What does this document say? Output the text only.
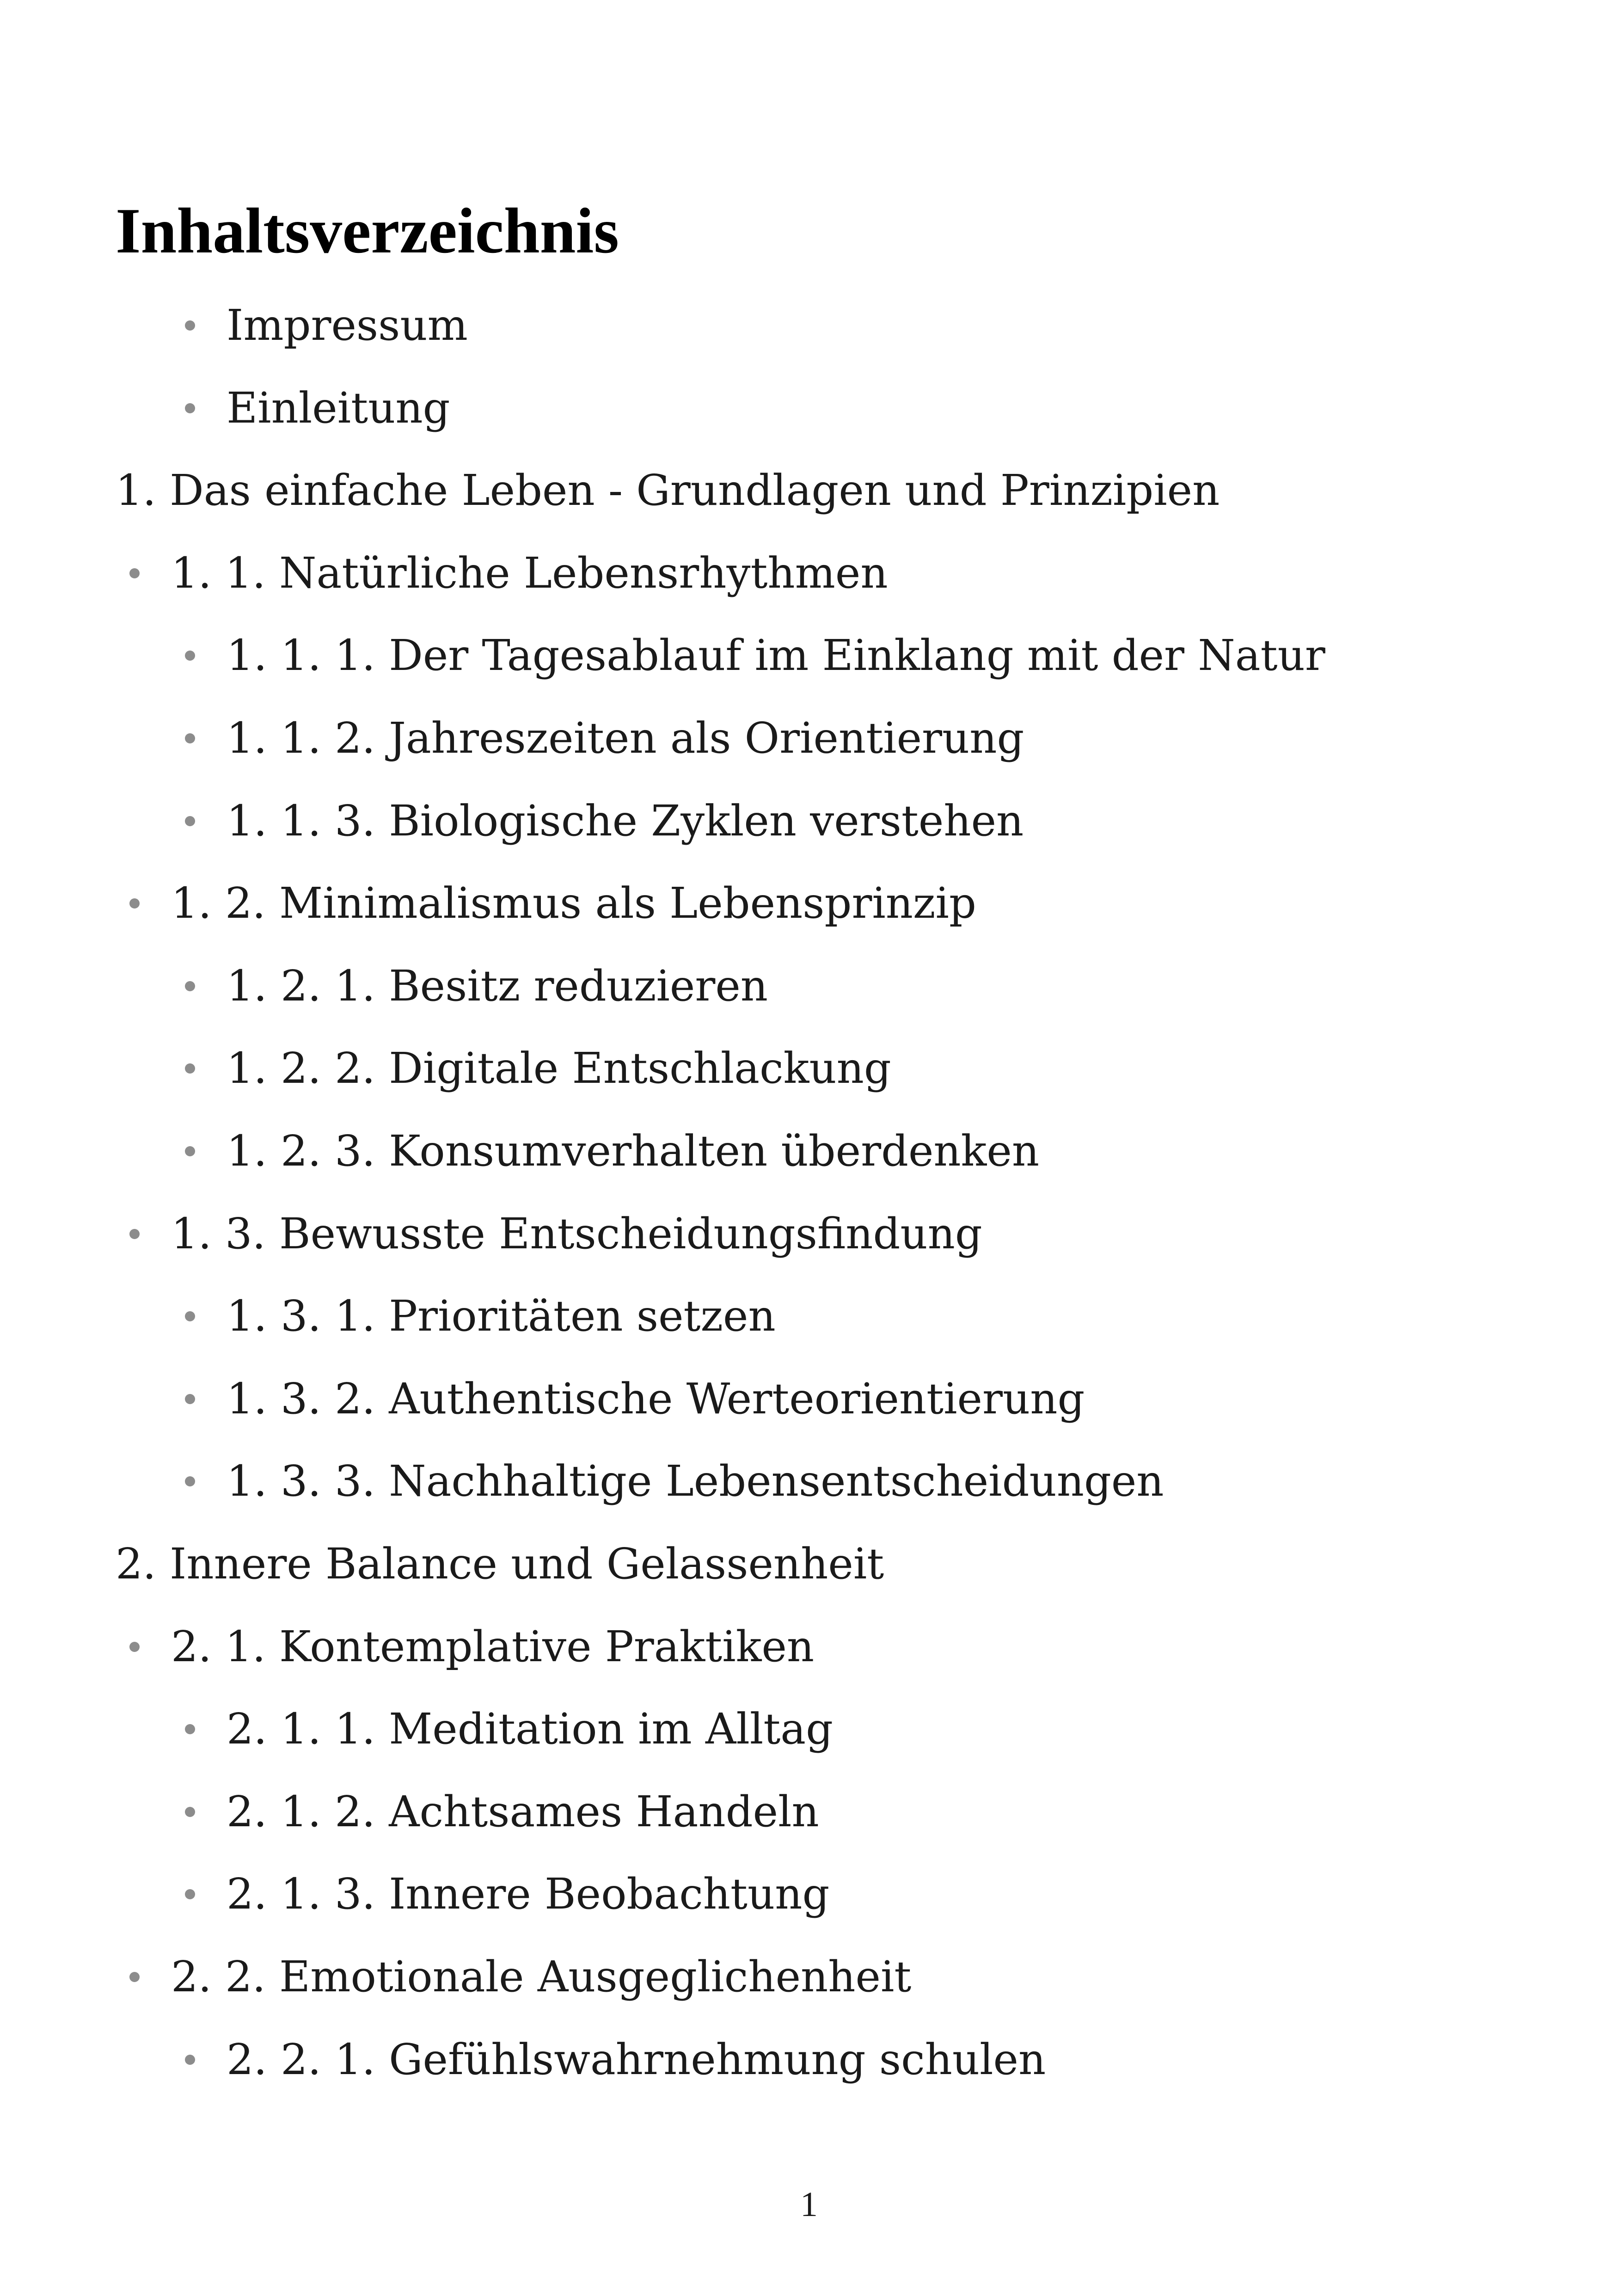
Inhaltsverzeichnis
Impressum
Einleitung
1. Das einfache Leben - Grundlagen und Prinzipien
1. 1. Natürliche Lebensrhythmen
1. 1. 1. Der Tagesablauf im Einklang mit der Natur
1. 1. 2. Jahreszeiten als Orientierung
1. 1. 3. Biologische Zyklen verstehen
1. 2. Minimalismus als Lebensprinzip
1. 2. 1. Besitz reduzieren
1. 2. 2. Digitale Entschlackung
1. 2. 3. Konsumverhalten überdenken
1. 3. Bewusste Entscheidungsfindung
1. 3. 1. Prioritäten setzen
1. 3. 2. Authentische Werteorientierung
1. 3. 3. Nachhaltige Lebensentscheidungen
2. Innere Balance und Gelassenheit
2. 1. Kontemplative Praktiken
2. 1. 1. Meditation im Alltag
2. 1. 2. Achtsames Handeln
2. 1. 3. Innere Beobachtung
2. 2. Emotionale Ausgeglichenheit
2. 2. 1. Gefühlswahrnehmung schulen
1
